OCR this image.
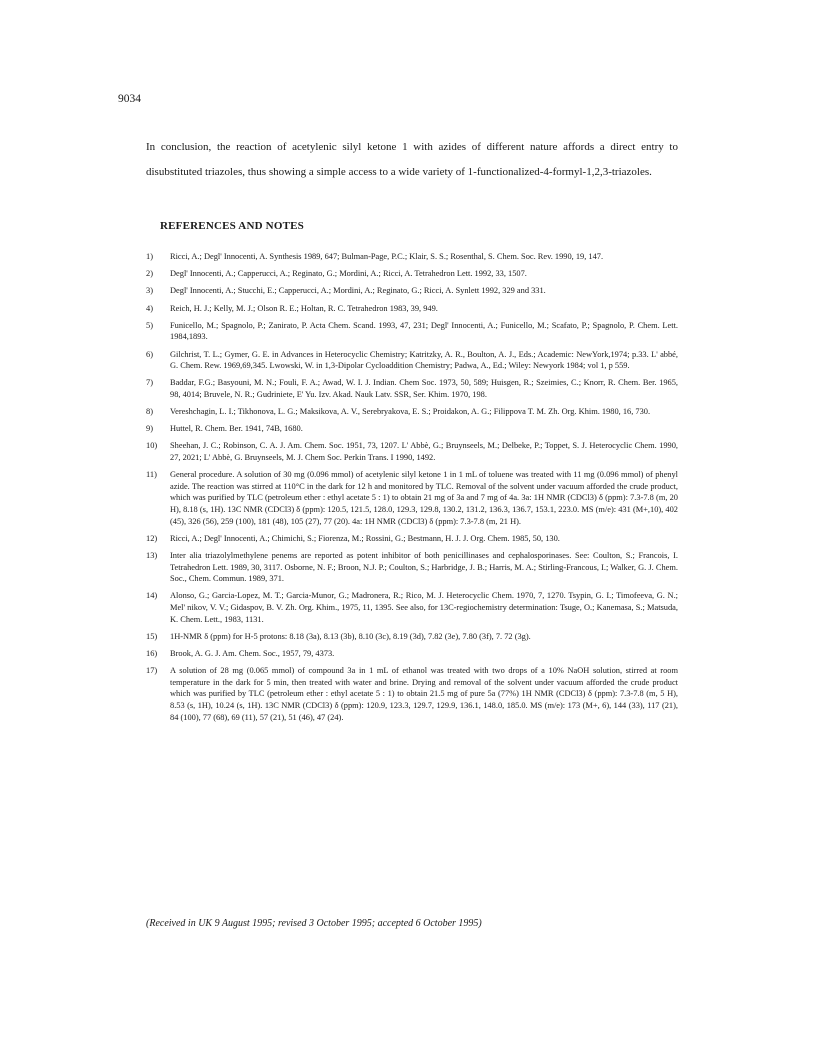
9034
In conclusion, the reaction of acetylenic silyl ketone 1 with azides of different nature affords a direct entry to disubstituted triazoles, thus showing a simple access to a wide variety of 1-functionalized-4-formyl-1,2,3-triazoles.
REFERENCES AND NOTES
1)	Ricci, A.; Degl' Innocenti, A. Synthesis 1989, 647; Bulman-Page, P.C.; Klair, S. S.; Rosenthal, S. Chem. Soc. Rev. 1990, 19, 147.
2)	Degl' Innocenti, A.; Capperucci, A.; Reginato, G.; Mordini, A.; Ricci, A. Tetrahedron Lett. 1992, 33, 1507.
3)	Degl' Innocenti, A.; Stucchi, E.; Capperucci, A.; Mordini, A.; Reginato, G.; Ricci, A. Synlett 1992, 329 and 331.
4)	Reich, H. J.; Kelly, M. J.; Olson R. E.; Holtan, R. C. Tetrahedron 1983, 39, 949.
5)	Funicello, M.; Spagnolo, P.; Zanirato, P. Acta Chem. Scand. 1993, 47, 231; Degl' Innocenti, A.; Funicello, M.; Scafato, P.; Spagnolo, P. Chem. Lett. 1984,1893.
6)	Gilchrist, T. L.; Gymer, G. E. in Advances in Heterocyclic Chemistry; Katritzky, A. R., Boulton, A. J., Eds.; Academic: NewYork,1974; p.33. L' abbé, G. Chem. Rew. 1969,69,345. Lwowski, W. in 1,3-Dipolar Cycloaddition Chemistry; Padwa, A., Ed.; Wiley: Newyork 1984; vol 1, p 559.
7)	Baddar, F.G.; Basyouni, M. N.; Fouli, F. A.; Awad, W. I. J. Indian. Chem Soc. 1973, 50, 589; Huisgen, R.; Szeimies, C.; Knorr, R. Chem. Ber. 1965, 98, 4014; Bruvele, N. R.; Gudriniete, E' Yu. Izv. Akad. Nauk Latv. SSR, Ser. Khim. 1970, 198.
8)	Vereshchagin, L. I.; Tikhonova, L. G.; Maksikova, A. V., Serebryakova, E. S.; Proidakon, A. G.; Filippova T. M. Zh. Org. Khim. 1980, 16, 730.
9)	Huttel, R. Chem. Ber. 1941, 74B, 1680.
10)	Sheehan, J. C.; Robinson, C. A. J. Am. Chem. Soc. 1951, 73, 1207. L' Abbè, G.; Bruynseels, M.; Delbeke, P.; Toppet, S. J. Heterocyclic Chem. 1990, 27, 2021; L' Abbè, G. Bruynseels, M. J. Chem Soc. Perkin Trans. I 1990, 1492.
11)	General procedure. A solution of 30 mg (0.096 mmol) of acetylenic silyl ketone 1 in 1 mL of toluene was treated with 11 mg (0.096 mmol) of phenyl azide. The reaction was stirred at 110°C in the dark for 12 h and monitored by TLC. Removal of the solvent under vacuum afforded the crude product, which was purified by TLC (petroleum ether : ethyl acetate 5 : 1) to obtain 21 mg of 3a and 7 mg of 4a. 3a: 1H NMR (CDCl3) δ (ppm): 7.3-7.8 (m, 20 H), 8.18 (s, 1H). 13C NMR (CDCl3) δ (ppm): 120.5, 121.5, 128.0, 129.3, 129.8, 130.2, 131.2, 136.3, 136.7, 153.1, 223.0. MS (m/e): 431 (M+,10), 402 (45), 326 (56), 259 (100), 181 (48), 105 (27), 77 (20). 4a: 1H NMR (CDCl3) δ (ppm): 7.3-7.8 (m, 21 H).
12)	Ricci, A.; Degl' Innocenti, A.; Chimichi, S.; Fiorenza, M.; Rossini, G.; Bestmann, H. J. J. Org. Chem. 1985, 50, 130.
13)	Inter alia triazolylmethylene penems are reported as potent inhibitor of both penicillinases and cephalosporinases. See: Coulton, S.; Francois, I. Tetrahedron Lett. 1989, 30, 3117. Osborne, N. F.; Broon, N.J. P.; Coulton, S.; Harbridge, J. B.; Harris, M. A.; Stirling-Francous, I.; Walker, G. J. Chem. Soc., Chem. Commun. 1989, 371.
14)	Alonso, G.; Garcia-Lopez, M. T.; Garcia-Munor, G.; Madronera, R.; Rico, M. J. Heterocyclic Chem. 1970, 7, 1270. Tsypin, G. I.; Timofeeva, G. N.; Mel' nikov, V. V.; Gidaspov, B. V. Zh. Org. Khim., 1975, 11, 1395. See also, for 13C-regiochemistry determination: Tsuge, O.; Kanemasa, S.; Matsuda, K. Chem. Lett., 1983, 1131.
15)	1H-NMR δ (ppm) for H-5 protons: 8.18 (3a), 8.13 (3b), 8.10 (3c), 8.19 (3d), 7.82 (3e), 7.80 (3f), 7. 72 (3g).
16)	Brook, A. G. J. Am. Chem. Soc., 1957, 79, 4373.
17)	A solution of 28 mg (0.065 mmol) of compound 3a in 1 mL of ethanol was treated with two drops of a 10% NaOH solution, stirred at room temperature in the dark for 5 min, then treated with water and brine. Drying and removal of the solvent under vacuum afforded the crude product which was purified by TLC (petroleum ether : ethyl acetate 5 : 1) to obtain 21.5 mg of pure 5a (77%) 1H NMR (CDCl3) δ (ppm): 7.3-7.8 (m, 5 H), 8.53 (s, 1H), 10.24 (s, 1H). 13C NMR (CDCl3) δ (ppm): 120.9, 123.3, 129.7, 129.9, 136.1, 148.0, 185.0. MS (m/e): 173 (M+, 6), 144 (33), 117 (21), 84 (100), 77 (68), 69 (11), 57 (21), 51 (46), 47 (24).
(Received in UK 9 August 1995; revised 3 October 1995; accepted 6 October 1995)
